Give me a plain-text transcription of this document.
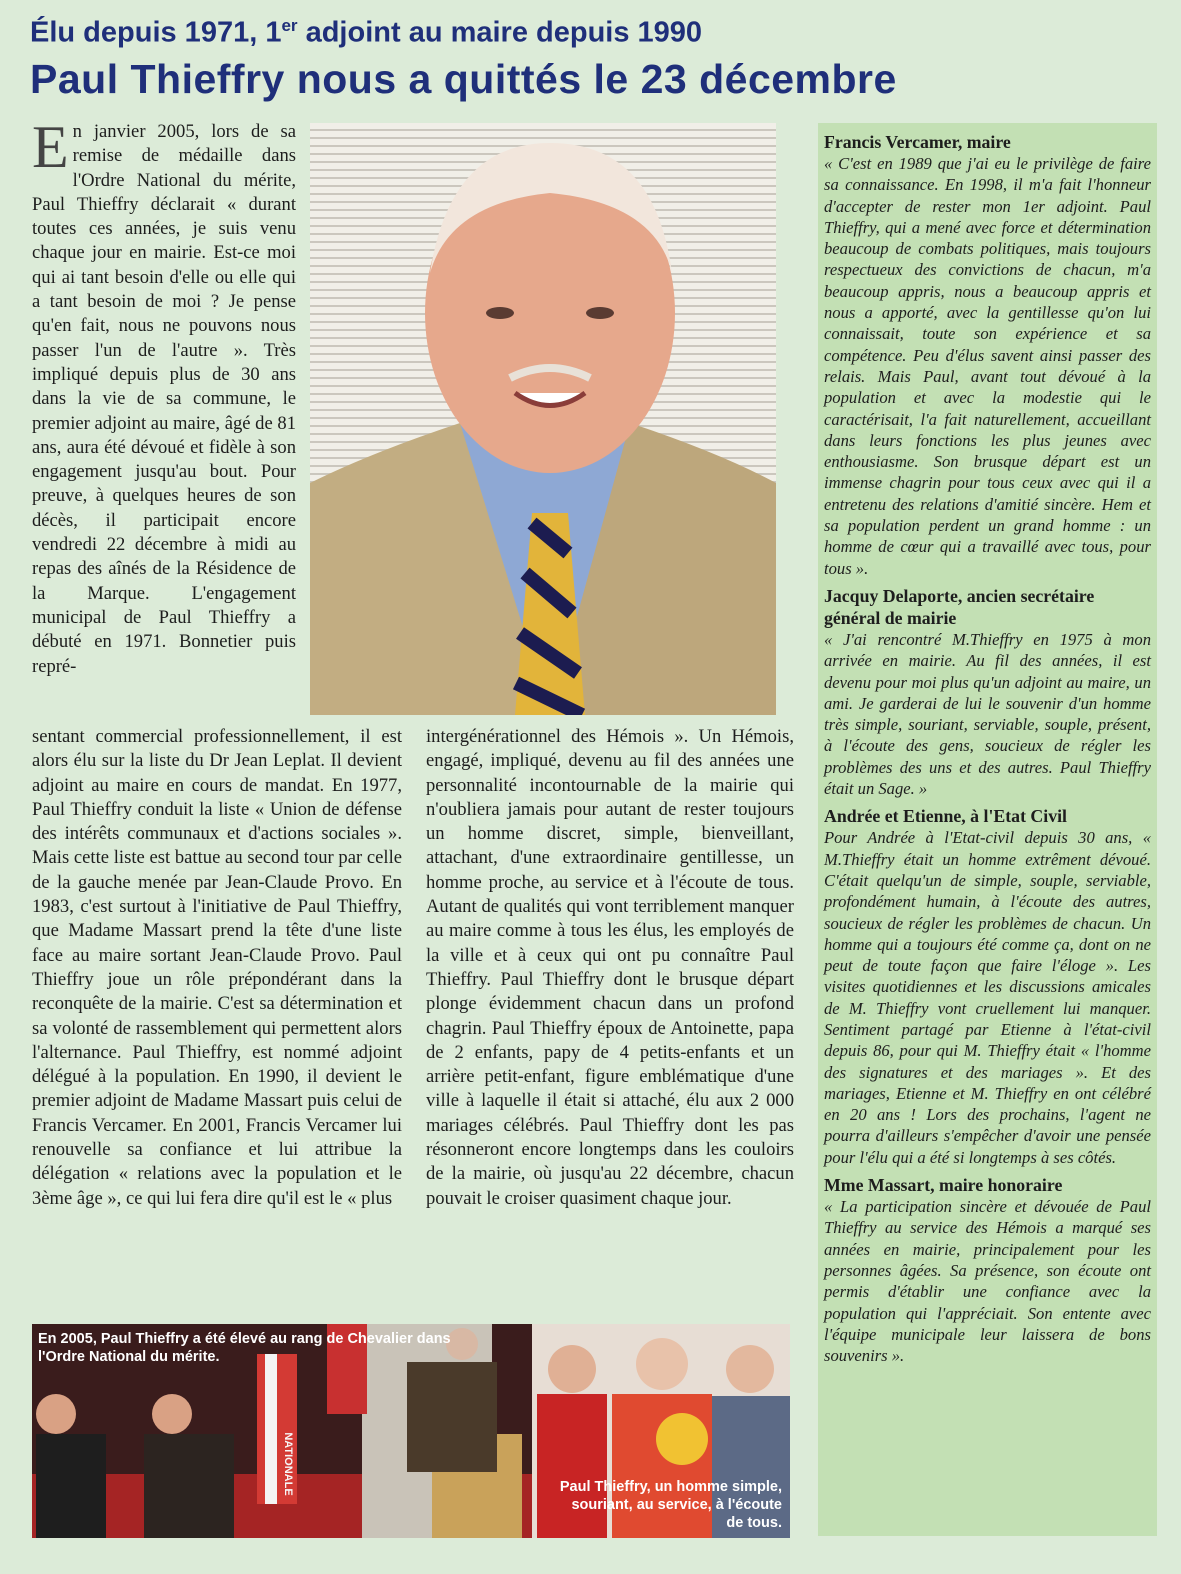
Élu depuis 1971, 1er adjoint au maire depuis 1990
Paul Thieffry nous a quittés le 23 décembre

En janvier 2005, lors de sa remise de médaille dans l'Ordre National du mérite, Paul Thieffry déclarait « durant toutes ces années, je suis venu chaque jour en mairie. Est-ce moi qui ai tant besoin d'elle ou elle qui a tant besoin de moi ? Je pense qu'en fait, nous ne pouvons nous passer l'un de l'autre ». Très impliqué depuis plus de 30 ans dans la vie de sa commune, le premier adjoint au maire, âgé de 81 ans, aura été dévoué et fidèle à son engagement jusqu'au bout. Pour preuve, à quelques heures de son décès, il participait encore vendredi 22 décembre à midi au repas des aînés de la Résidence de la Marque. L'engagement municipal de Paul Thieffry a débuté en 1971. Bonnetier puis repré-

sentant commercial professionnellement, il est alors élu sur la liste du Dr Jean Leplat. Il devient adjoint au maire en cours de mandat. En 1977, Paul Thieffry conduit la liste « Union de défense des intérêts communaux et d'actions sociales ». Mais cette liste est battue au second tour par celle de la gauche menée par Jean-Claude Provo. En 1983, c'est surtout à l'initiative de Paul Thieffry, que Madame Massart prend la tête d'une liste face au maire sortant Jean-Claude Provo. Paul Thieffry joue un rôle prépondérant dans la reconquête de la mairie. C'est sa détermination et sa volonté de rassemblement qui permettent alors l'alternance. Paul Thieffry, est nommé adjoint délégué à la population. En 1990, il devient le premier adjoint de Madame Massart puis celui de Francis Vercamer. En 2001, Francis Vercamer lui renouvelle sa confiance et lui attribue la délégation « relations avec la population et le 3ème âge », ce qui lui fera dire qu'il est le « plus

intergénérationnel des Hémois ». Un Hémois, engagé, impliqué, devenu au fil des années une personnalité incontournable de la mairie qui n'oubliera jamais pour autant de rester toujours un homme discret, simple, bienveillant, attachant, d'une extraordinaire gentillesse, un homme proche, au service et à l'écoute de tous. Autant de qualités qui vont terriblement manquer au maire comme à tous les élus, les employés de la ville et à ceux qui ont pu connaître Paul Thieffry. Paul Thieffry dont le brusque départ plonge évidemment chacun dans un profond chagrin. Paul Thieffry époux de Antoinette, papa de 2 enfants, papy de 4 petits-enfants et un arrière petit-enfant, figure emblématique d'une ville à laquelle il était si attaché, élu aux 2 000 mariages célébrés. Paul Thieffry dont les pas résonneront encore longtemps dans les couloirs de la mairie, où jusqu'au 22 décembre, chacun pouvait le croiser quasiment chaque jour.

Francis Vercamer, maire

« C'est en 1989 que j'ai eu le privilège de faire sa connaissance. En 1998, il m'a fait l'honneur d'accepter de rester mon 1er adjoint. Paul Thieffry, qui a mené avec force et détermination beaucoup de combats politiques, mais toujours respectueux des convictions de chacun, m'a beaucoup appris, nous a beaucoup appris et nous a apporté, avec la gentillesse qu'on lui connaissait, toute son expérience et sa compétence. Peu d'élus savent ainsi passer des relais. Mais Paul, avant tout dévoué à la population et avec la modestie qui le caractérisait, l'a fait naturellement, accueillant dans leurs fonctions les plus jeunes avec enthousiasme. Son brusque départ est un immense chagrin pour tous ceux avec qui il a entretenu des relations d'amitié sincère. Hem et sa population perdent un grand homme : un homme de cœur qui a travaillé avec tous, pour tous ».

Jacquy Delaporte, ancien secrétaire général de mairie

« J'ai rencontré M.Thieffry en 1975 à mon arrivée en mairie. Au fil des années, il est devenu pour moi plus qu'un adjoint au maire, un ami. Je garderai de lui le souvenir d'un homme très simple, souriant, serviable, souple, présent, à l'écoute des gens, soucieux de régler les problèmes des uns et des autres. Paul Thieffry était un Sage. »

Andrée et Etienne, à l'Etat Civil

Pour Andrée à l'Etat-civil depuis 30 ans, « M.Thieffry était un homme extrêment dévoué. C'était quelqu'un de simple, souple, serviable, profondément humain, à l'écoute des autres, soucieux de régler les problèmes de chacun. Un homme qui a toujours été comme ça, dont on ne peut de toute façon que faire l'éloge ». Les visites quotidiennes et les discussions amicales de M. Thieffry vont cruellement lui manquer. Sentiment partagé par Etienne à l'état-civil depuis 86, pour qui M. Thieffry était « l'homme des signatures et des mariages ». Et des mariages, Etienne et M. Thieffry en ont célébré en 20 ans ! Lors des prochains, l'agent ne pourra d'ailleurs s'empêcher d'avoir une pensée pour l'élu qui a été si longtemps à ses côtés.

Mme Massart, maire honoraire

« La participation sincère et dévouée de Paul Thieffry au service des Hémois a marqué ses années en mairie, principalement pour les personnes âgées. Sa présence, son écoute ont permis d'établir une confiance avec la population qui l'appréciait. Son entente avec l'équipe municipale leur laissera de bons souvenirs ».

NATIONALE
En 2005, Paul Thieffry a été élevé au rang de Chevalier dans l'Ordre National du mérite.
Paul Thieffry, un homme simple, souriant, au service, à l'écoute de tous.
